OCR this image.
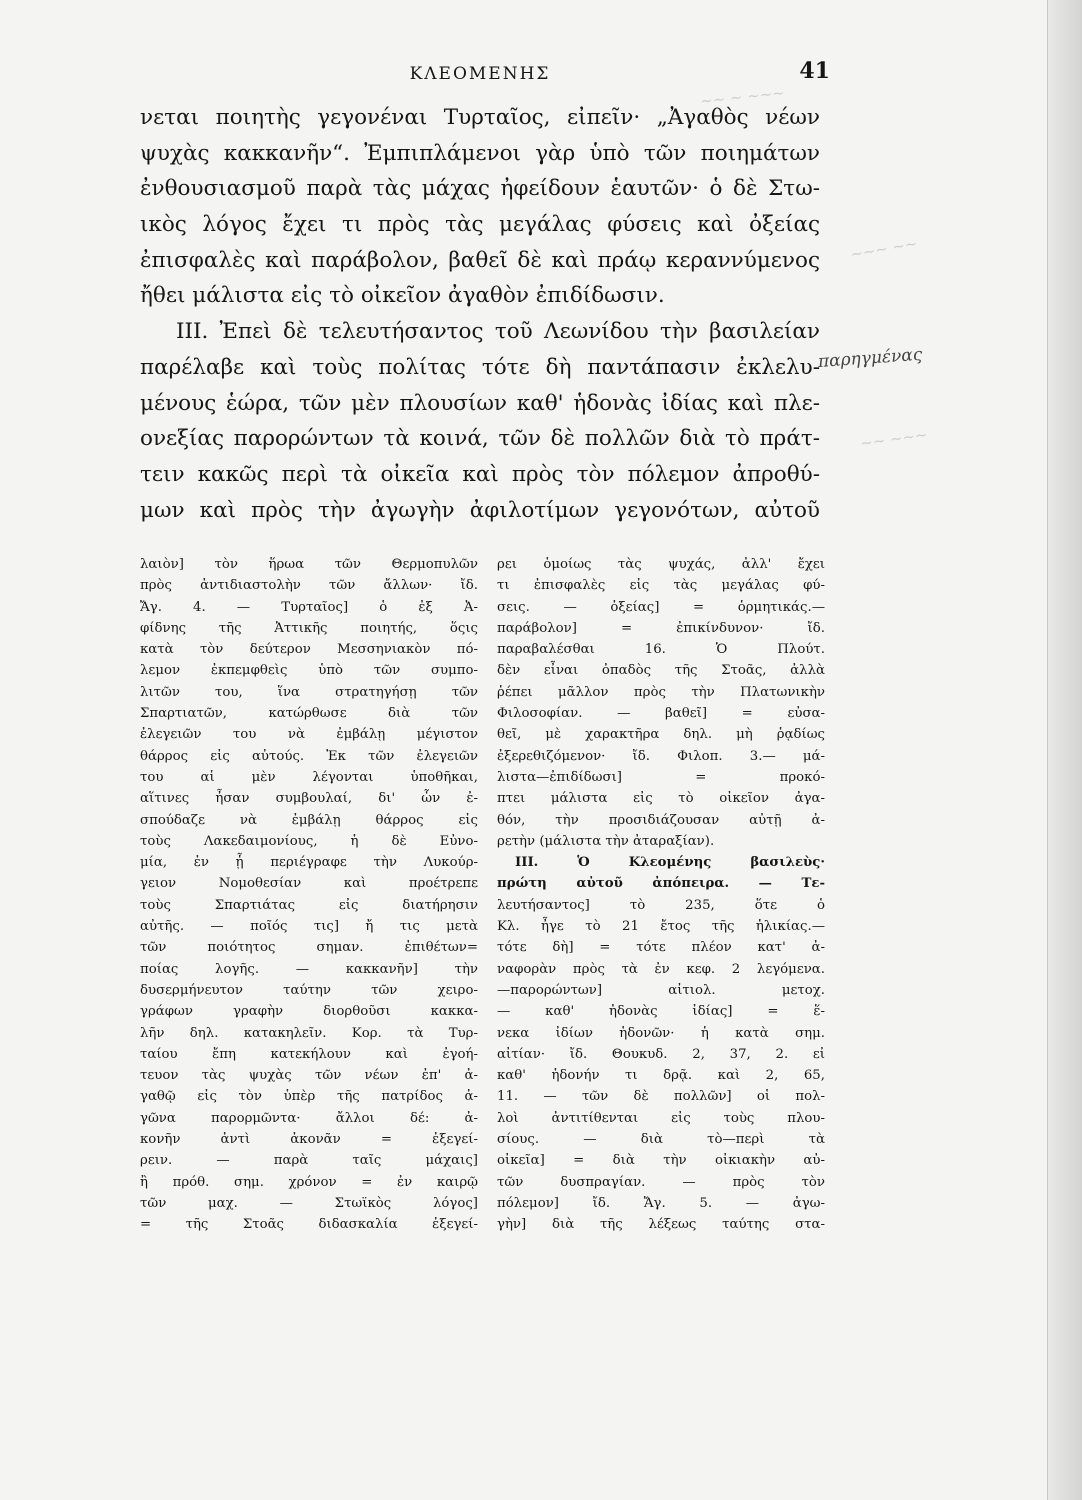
ΚΛΕΟΜΕΝΗΣ	41
νεται ποιητὴς γεγονέναι Τυρταῖος, εἰπεῖν· „Ἀγαθὸς νέων
ψυχὰς κακκανῆν“. Ἐμπιπλάμενοι γὰρ ὑπὸ τῶν ποιημάτων
ἐνθουσιασμοῦ παρὰ τὰς μάχας ἠφείδουν ἑαυτῶν· ὁ δὲ Στω-
ικὸς λόγος ἔχει τι πρὸς τὰς μεγάλας φύσεις καὶ ὀξείας
ἐπισφαλὲς καὶ παράβολον, βαθεῖ δὲ καὶ πράῳ κεραννύμενος
ἤθει μάλιστα εἰς τὸ οἰκεῖον ἀγαθὸν ἐπιδίδωσιν.
III. Ἐπεὶ δὲ τελευτήσαντος τοῦ Λεωνίδου τὴν βασιλείαν
παρέλαβε καὶ τοὺς πολίτας τότε δὴ παντάπασιν ἐκλελυ-
μένους ἑώρα, τῶν μὲν πλουσίων καθ' ἡδονὰς ἰδίας καὶ πλε-
ονεξίας παρορώντων τὰ κοινά, τῶν δὲ πολλῶν διὰ τὸ πράτ-
τειν κακῶς περὶ τὰ οἰκεῖα καὶ πρὸς τὸν πόλεμον ἀπροθύ-
μων καὶ πρὸς τὴν ἀγωγὴν ἀφιλοτίμων γεγονότων, αὐτοῦ
παρηγμένας
~~ ~ ~~~
~~~ ~~
~~ ~~~
λαιὸν] τὸν ἥρωα τῶν Θερμοπυλῶν
πρὸς ἀντιδιαστολὴν τῶν ἄλλων· ἴδ.
Ἄγ. 4. — Τυρταῖος] ὁ ἐξ Ἀ-
φίδνης τῆς Ἀττικῆς ποιητής, ὅςις
κατὰ τὸν δεύτερον Μεσσηνιακὸν πό-
λεμον ἐκπεμφθεὶς ὑπὸ τῶν συμπο-
λιτῶν του, ἵνα στρατηγήσῃ τῶν
Σπαρτιατῶν, κατώρθωσε διὰ τῶν
ἐλεγειῶν του νὰ ἐμβάλῃ μέγιστον
θάρρος εἰς αὐτούς. Ἐκ τῶν ἐλεγειῶν
του αἱ μὲν λέγονται ὑποθῆκαι,
αἵτινες ἦσαν συμβουλαί, δι' ὧν ἐ-
σπούδαζε νὰ ἐμβάλῃ θάρρος εἰς
τοὺς Λακεδαιμονίους, ἡ δὲ Εὐνο-
μία, ἐν ᾗ περιέγραφε τὴν Λυκούρ-
γειον Νομοθεσίαν καὶ προέτρεπε
τοὺς Σπαρτιάτας εἰς διατήρησιν
αὐτῆς. — ποῖός τις] ἤ τις μετὰ
τῶν ποιότητος σημαν. ἐπιθέτων=
ποίας λογῆς. — κακκανῆν] τὴν
δυσερμήνευτον ταύτην τῶν χειρο-
γράφων γραφὴν διορθοῦσι κακκα-
λῆν δηλ. κατακηλεῖν. Κορ. τὰ Τυρ-
ταίου ἔπη κατεκήλουν καὶ ἐγοή-
τευον τὰς ψυχὰς τῶν νέων ἐπ' ἀ-
γαθῷ εἰς τὸν ὑπὲρ τῆς πατρίδος ἀ-
γῶνα παρορμῶντα· ἄλλοι δέ: ἀ-
κονῆν ἀντὶ ἀκονᾶν = ἐξεγεί-
ρειν. — παρὰ ταῖς μάχαις]
ἢ πρόθ. σημ. χρόνον = ἐν καιρῷ
τῶν μαχ. — Στωϊκὸς λόγος]
= τῆς Στοᾶς διδασκαλία ἐξεγεί-
ρει ὁμοίως τὰς ψυχάς, ἀλλ' ἔχει
τι ἐπισφαλὲς εἰς τὰς μεγάλας φύ-
σεις. — ὀξείας] = ὁρμητικάς.—
παράβολον] = ἐπικίνδυνον· ἴδ.
παραβαλέσθαι 16. Ὁ Πλούτ.
δὲν εἶναι ὀπαδὸς τῆς Στοᾶς, ἀλλὰ
ῥέπει μᾶλλον πρὸς τὴν Πλατωνικὴν
Φιλοσοφίαν. — βαθεῖ] = εὐσα-
θεῖ, μὲ χαρακτῆρα δηλ. μὴ ῥᾳδίως
ἐξερεθιζόμενον· ἴδ. Φιλοπ. 3.— μά-
λιστα—ἐπιδίδωσι] = προκό-
πτει μάλιστα εἰς τὸ οἰκεῖον ἀγα-
θόν, τὴν προσιδιάζουσαν αὐτῇ ἀ-
ρετὴν (μάλιστα τὴν ἀταραξίαν).
III. Ὁ Κλεομένης βασιλεὺς·
πρώτη αὐτοῦ ἀπόπειρα. — Τε-
λευτήσαντος] τὸ 235, ὅτε ὁ
Κλ. ἦγε τὸ 21 ἔτος τῆς ἡλικίας.—
τότε δὴ] = τότε πλέον κατ' ἀ-
ναφορὰν πρὸς τὰ ἐν κεφ. 2 λεγόμενα.
—παρορώντων] αἰτιολ. μετοχ.
— καθ' ἡδονὰς ἰδίας] = ἕ-
νεκα ἰδίων ἡδονῶν· ἡ κατὰ σημ.
αἰτίαν· ἴδ. Θουκυδ. 2, 37, 2. εἰ
καθ' ἡδονήν τι δρᾷ. καὶ 2, 65,
11. — τῶν δὲ πολλῶν] οἱ πολ-
λοὶ ἀντιτίθενται εἰς τοὺς πλου-
σίους. — διὰ τὸ—περὶ τὰ
οἰκεῖα] = διὰ τὴν οἰκιακὴν αὐ-
τῶν δυσπραγίαν. — πρὸς τὸν
πόλεμον] ἴδ. Ἄγ. 5. — ἀγω-
γὴν] διὰ τῆς λέξεως ταύτης στα-
